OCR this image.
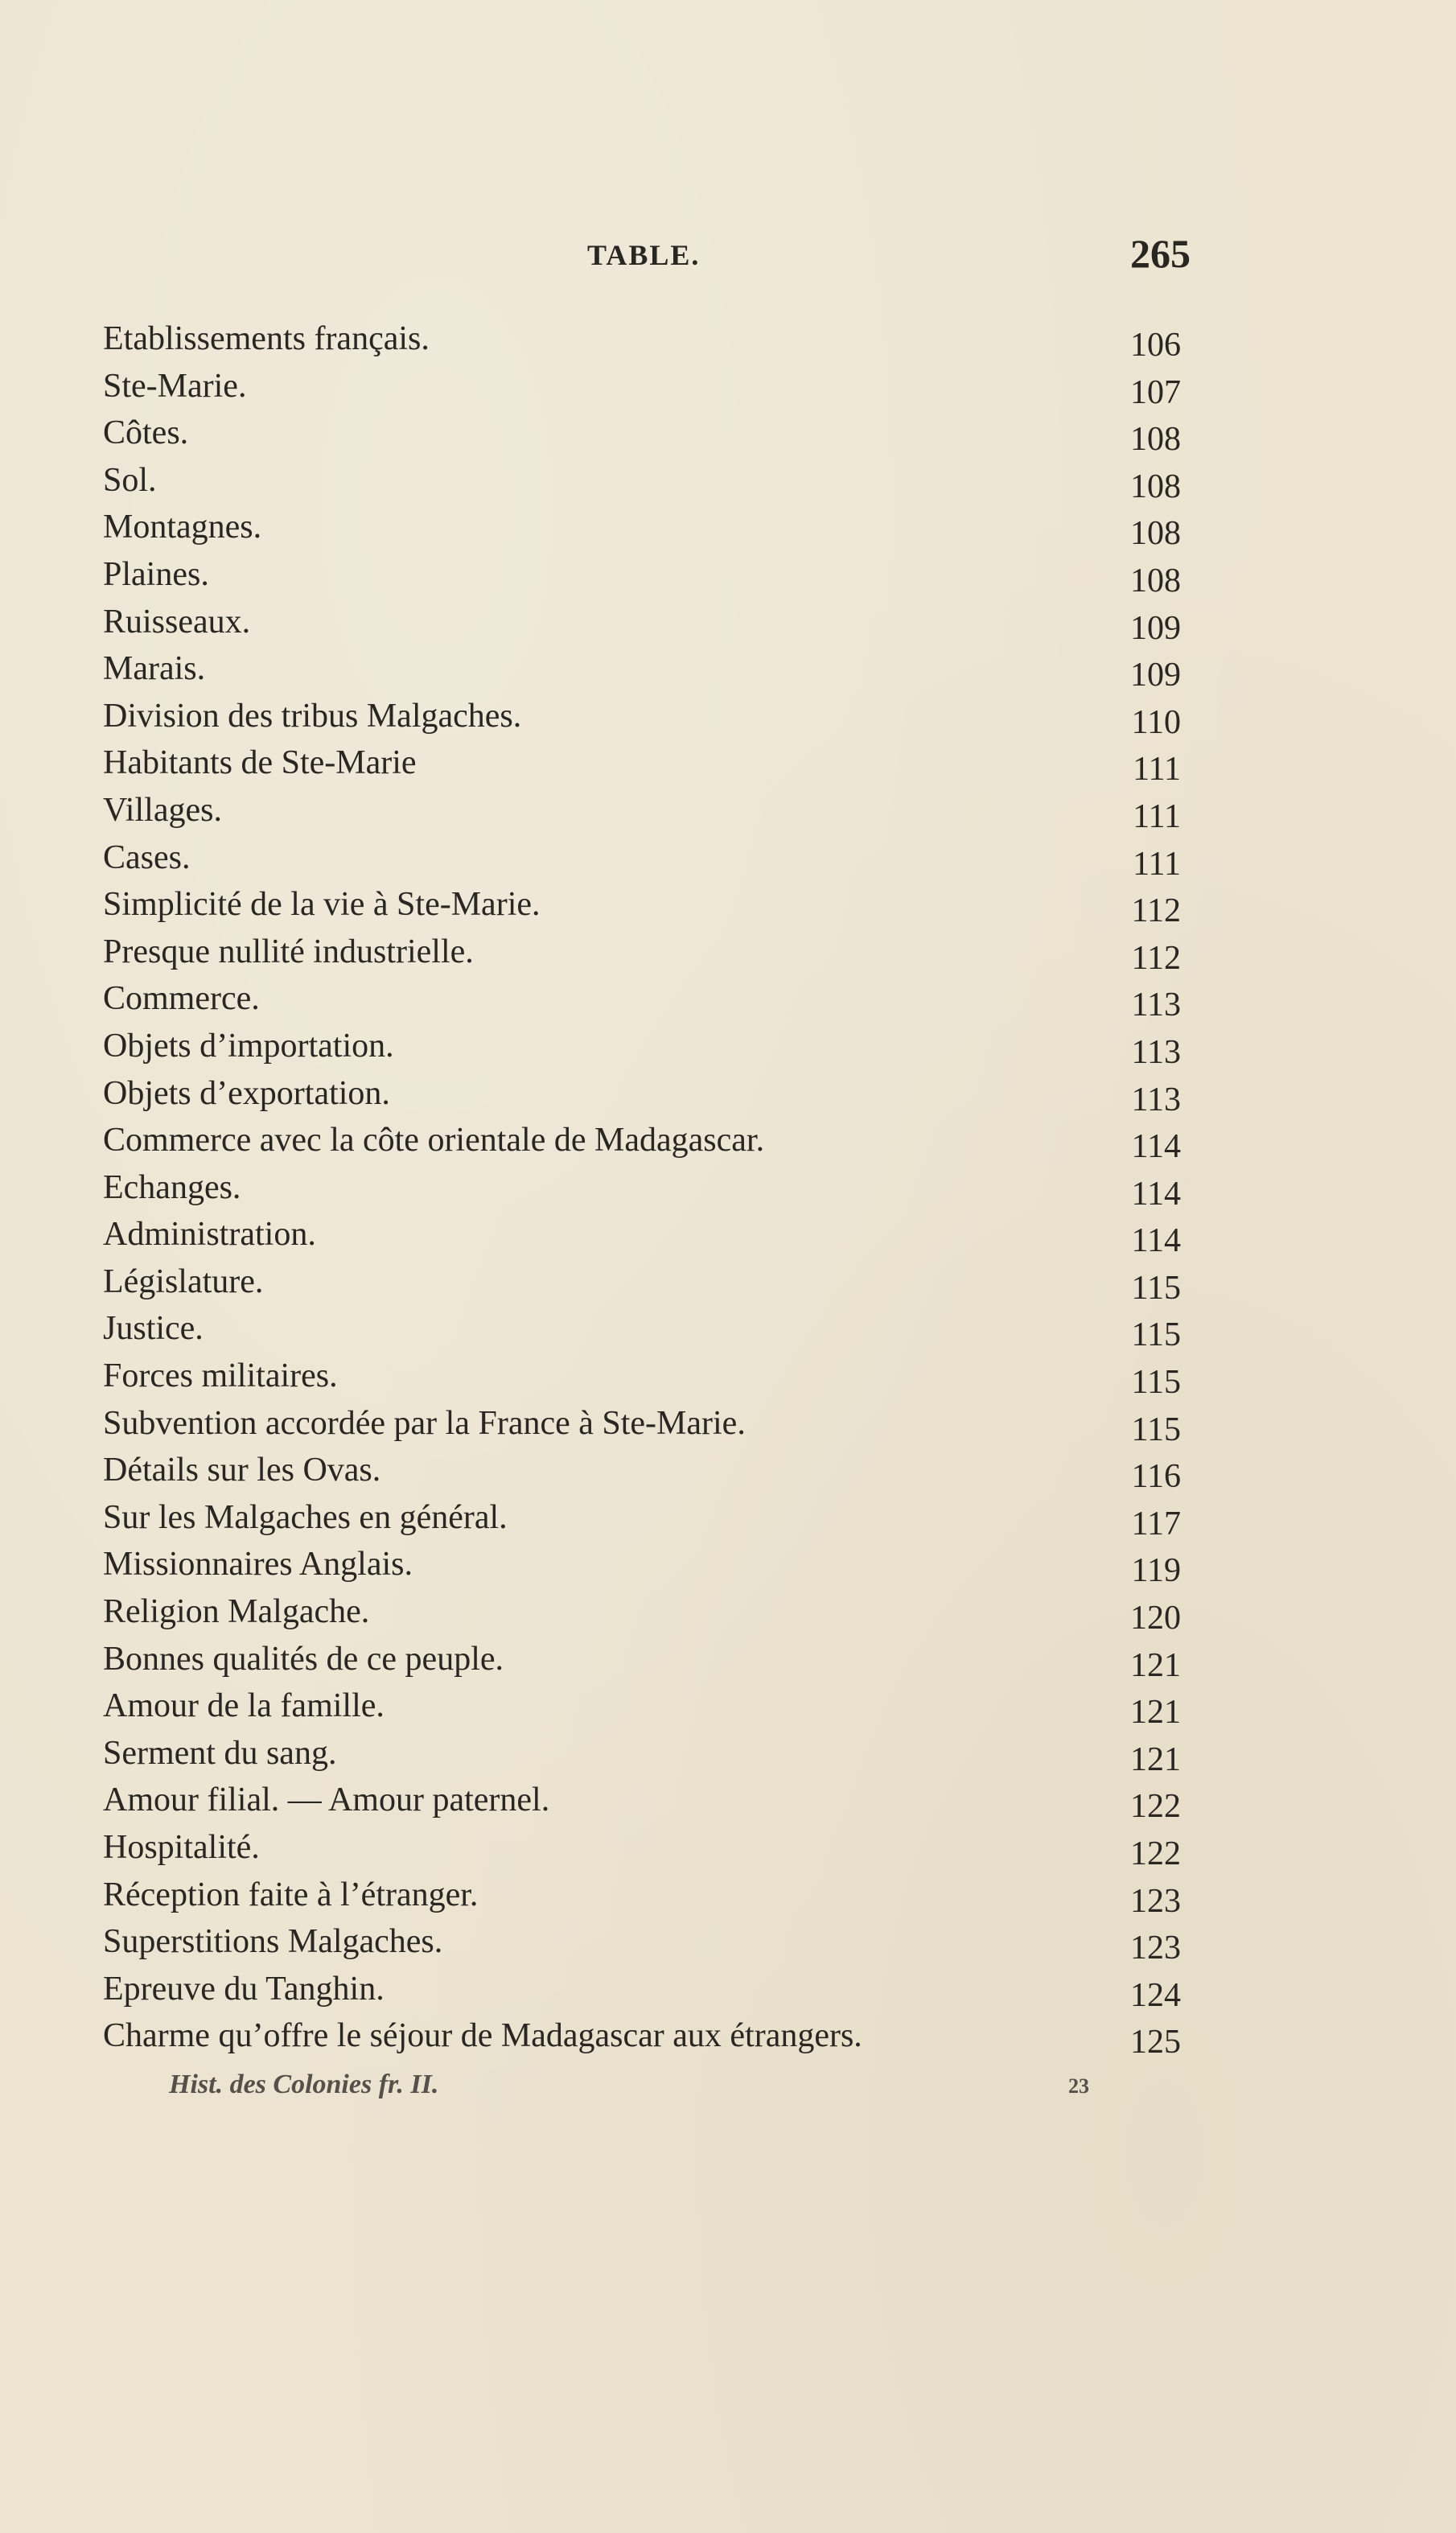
TABLE.	265
Etablissements français.	106
Ste-Marie.	107
Côtes.	108
Sol.	108
Montagnes.	108
Plaines.	108
Ruisseaux.	109
Marais.	109
Division des tribus Malgaches.	110
Habitants de Ste-Marie	111
Villages.	111
Cases.	111
Simplicité de la vie à Ste-Marie.	112
Presque nullité industrielle.	112
Commerce.	113
Objets d’importation.	113
Objets d’exportation.	113
Commerce avec la côte orientale de Madagascar.	114
Echanges.	114
Administration.	114
Législature.	115
Justice.	115
Forces militaires.	115
Subvention accordée par la France à Ste-Marie.	115
Détails sur les Ovas.	116
Sur les Malgaches en général.	117
Missionnaires Anglais.	119
Religion Malgache.	120
Bonnes qualités de ce peuple.	121
Amour de la famille.	121
Serment du sang.	121
Amour filial. — Amour paternel.	122
Hospitalité.	122
Réception faite à l’étranger.	123
Superstitions Malgaches.	123
Epreuve du Tanghin.	124
Charme qu’offre le séjour de Madagascar aux étrangers.	125
Hist. des Colonies fr. II.	23
